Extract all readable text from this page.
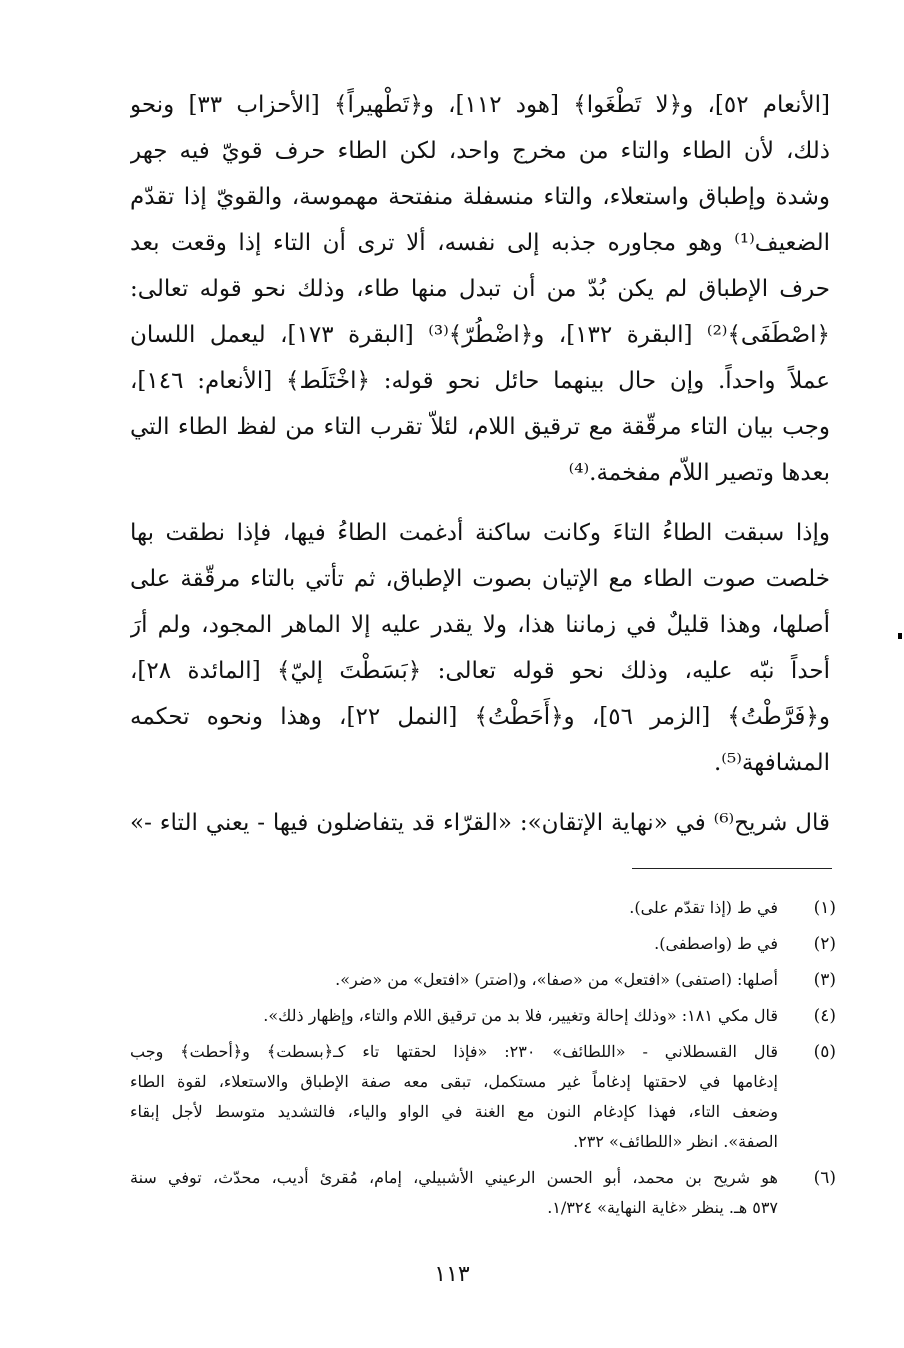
[الأنعام ٥٢]، و﴿لا تَطْغَوا﴾ [هود ١١٢]، و﴿تَطْهيراً﴾ [الأحزاب ٣٣] ونحو
ذلك، لأن الطاء والتاء من مخرج واحد، لكن الطاء حرف قويّ فيه جهر
وشدة وإطباق واستعلاء، والتاء منسفلة منفتحة مهموسة، والقويّ إذا تقدّم
الضعيف⁽¹⁾ وهو مجاوره جذبه إلى نفسه، ألا ترى أن التاء إذا وقعت بعد
حرف الإطباق لم يكن بُدّ من أن تبدل منها طاء، وذلك نحو قوله تعالى:
﴿اصْطَفَى﴾⁽²⁾ [البقرة ١٣٢]، و﴿اضْطُرّ﴾⁽³⁾ [البقرة ١٧٣]، ليعمل اللسان
عملاً واحداً. وإن حال بينهما حائل نحو قوله: ﴿اخْتَلَط﴾ [الأنعام: ١٤٦]،
وجب بيان التاء مرقّقة مع ترقيق اللام، لئلاّ تقرب التاء من لفظ الطاء التي
بعدها وتصير اللاّم مفخمة.⁽⁴⁾
وإذا سبقت الطاءُ التاءَ وكانت ساكنة أدغمت الطاءُ فيها، فإذا نطقت بها
خلصت صوت الطاء مع الإتيان بصوت الإطباق، ثم تأتي بالتاء مرقّقة على
أصلها، وهذا قليلٌ في زماننا هذا، ولا يقدر عليه إلا الماهر المجود، ولم أرَ
أحداً نبّه عليه، وذلك نحو قوله تعالى: ﴿بَسَطْتَ إليّ﴾ [المائدة ٢٨]،
و﴿فَرَّطْتُ﴾ [الزمر ٥٦]، و﴿أَحَطْتُ﴾ [النمل ٢٢]، وهذا ونحوه تحكمه
المشافهة⁽⁵⁾.
قال شريح⁽⁶⁾ في «نهاية الإتقان»: «القرّاء قد يتفاضلون فيها - يعني التاء -»
(١)
في ط (إذا تقدّم على).
(٢)
في ط (واصطفى).
(٣)
أصلها: (اصتفى) «افتعل» من «صفا»، و(اضتر) «افتعل» من «ضر».
(٤)
قال مكي ١٨١: «وذلك إحالة وتغيير، فلا بد من ترقيق اللام والتاء، وإظهار ذلك».
(٥)
قال القسطلاني - «اللطائف» ٢٣٠: «فإذا لحقتها تاء كـ﴿بسطت﴾ و﴿أحطت﴾ وجب
إدغامها في لاحقتها إدغاماً غير مستكمل، تبقى معه صفة الإطباق والاستعلاء، لقوة الطاء
وضعف التاء، فهذا كإدغام النون مع الغنة في الواو والياء، فالتشديد متوسط لأجل إبقاء
الصفة». انظر «اللطائف» ٢٣٢.
(٦)
هو شريح بن محمد، أبو الحسن الرعيني الأشبيلي، إمام، مُقرئ أديب، محدّث، توفي سنة
٥٣٧ هـ. ينظر «غاية النهاية» ١/٣٢٤.
١١٣
